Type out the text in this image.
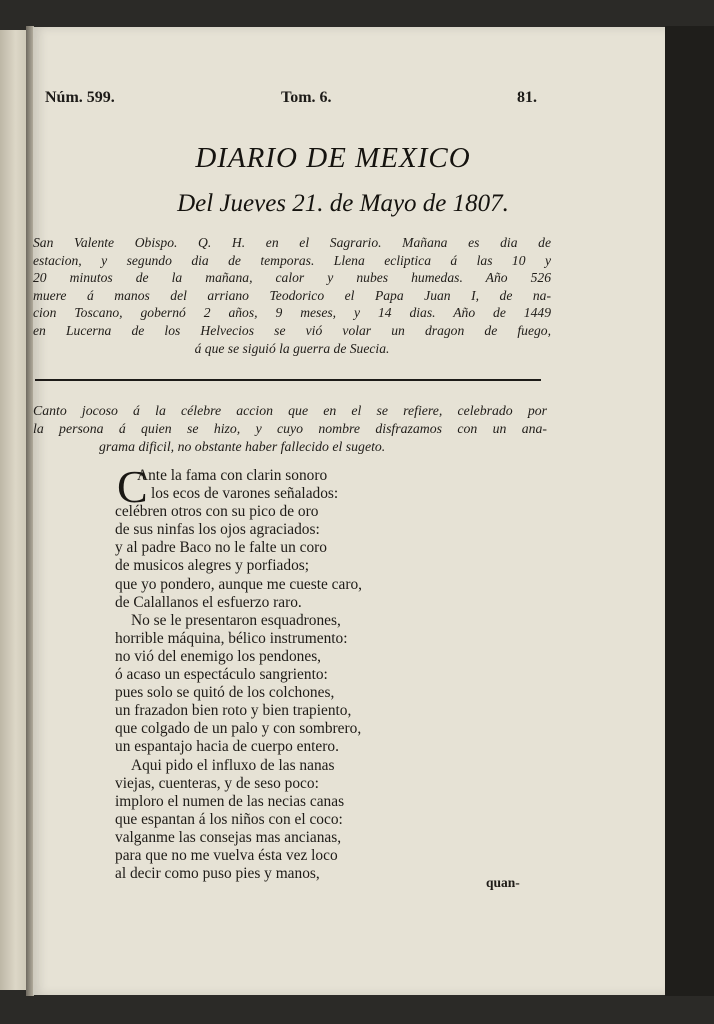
Núm. 599.	Tom. 6.	81.
DIARIO DE MEXICO
Del Jueves 21. de Mayo de 1807.
San Valente Obispo. Q. H. en el Sagrario. Mañana es dia de
estacion, y segundo dia de temporas. Llena ecliptica á las 10 y
20 minutos de la mañana, calor y nubes humedas. Año 526
muere á manos del arriano Teodorico el Papa Juan I, de na-
cion Toscano, gobernó 2 años, 9 meses, y 14 dias. Año de 1449
en Lucerna de los Helvecios se vió volar un dragon de fuego,
á que se siguió la guerra de Suecia.
Canto jocoso á la célebre accion que en el se refiere, celebrado por
la persona á quien se hizo, y cuyo nombre disfrazamos con un ana-
grama dificil, no obstante haber fallecido el sugeto.
C
Ante la fama con clarin sonoro
los ecos de varones señalados:
celébren otros con su pico de oro
de sus ninfas los ojos agraciados:
y al padre Baco no le falte un coro
de musicos alegres y porfiados;
que yo pondero, aunque me cueste caro,
de Calallanos el esfuerzo raro.
No se le presentaron esquadrones,
horrible máquina, bélico instrumento:
no vió del enemigo los pendones,
ó acaso un espectáculo sangriento:
pues solo se quitó de los colchones,
un frazadon bien roto y bien trapiento,
que colgado de un palo y con sombrero,
un espantajo hacia de cuerpo entero.
Aqui pido el influxo de las nanas
viejas, cuenteras, y de seso poco:
imploro el numen de las necias canas
que espantan á los niños con el coco:
valganme las consejas mas ancianas,
para que no me vuelva ésta vez loco
al decir como puso pies y manos,
quan-
